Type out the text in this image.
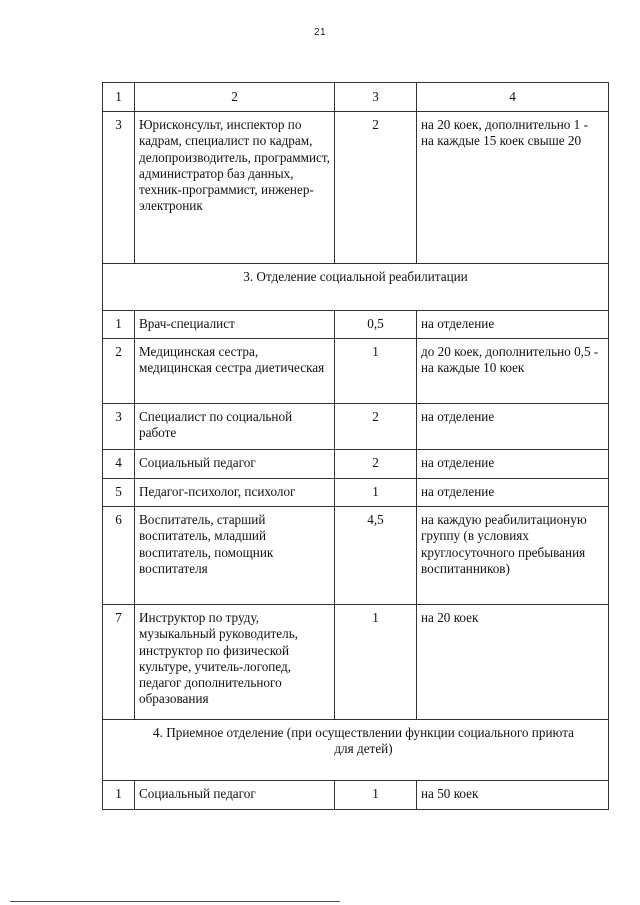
21
1	2	3	4
3	Юрисконсульт, инспектор по кадрам, специалист по кадрам, делопроизводитель, программист, администратор баз данных, техник-программист, инженер-электроник	2	на 20 коек, дополнительно 1 - на каждые 15 коек свыше 20
3. Отделение социальной реабилитации			
1	Врач-специалист	0,5	на отделение
2	Медицинская сестра, медицинская сестра диетическая	1	до 20 коек, дополнительно 0,5 - на каждые 10 коек
3	Специалист по социальной работе	2	на отделение
4	Социальный педагог	2	на отделение
5	Педагог-психолог, психолог	1	на отделение
6	Воспитатель, старший воспитатель, младший воспитатель, помощник воспитателя	4,5	на каждую реабилитационую группу (в условиях круглосуточного пребывания воспитанников)
7	Инструктор по труду, музыкальный руководитель, инструктор по физической культуре, учитель-логопед, педагог дополнительного образования	1	на 20 коек
4. Приемное отделение (при осуществлении функции социального приюта для детей)			
1	Социальный педагог	1	на 50 коек
